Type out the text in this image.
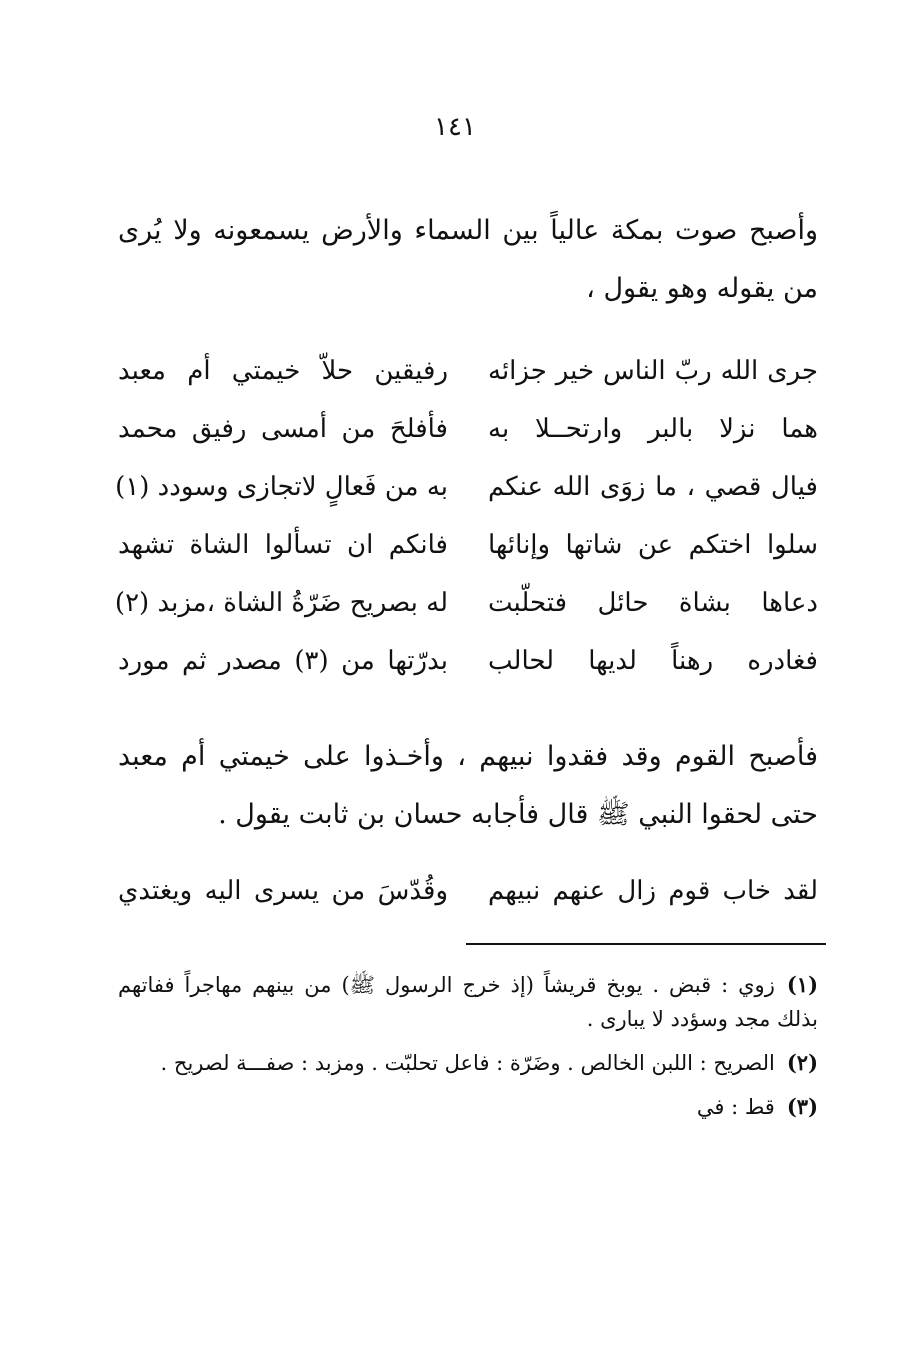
١٤١

وأصبح صوت بمكة عالياً بين السماء والأرض يسمعونه ولا يُرى من يقوله وهو يقول ،

جرى الله ربّ الناس خير جزائه
رفيقين حلاّ خيمتي أم معبد
هما نزلا بالبر وارتحــلا به
فأفلحَ من أمسى رفيق محمد
فيال قصي ، ما زوَى الله عنكم
به من فَعالٍ لاتجازى وسودد (١)
سلوا اختكم عن شاتها وإنائها
فانكم ان تسألوا الشاة تشهد
دعاها بشاة حائل فتحلّبت
له بصريح ضَرّةُ الشاة ،مزبد (٢)
فغادره رهناً لديها لحالب
بدرّتها من (٣) مصدر ثم مورد

فأصبح القوم وقد فقدوا نبيهم ، وأخـذوا على خيمتي أم معبد حتى لحقوا النبي ﷺ قال فأجابه حسان بن ثابت يقول .

لقد خاب قوم زال عنهم نبيهم
وقُدّسَ من يسرى اليه ويغتدي
(١)زوي : قبض . يوبخ قريشاً (إذ خرج الرسول ﷺ) من بينهم مهاجراً ففاتهم بذلك مجد وسؤدد لا يبارى .
(٢)الصريح : اللبن الخالص . وضَرّة : فاعل تحلبّت . ومزبد : صفـــة لصريح .
(٣)قط : في
